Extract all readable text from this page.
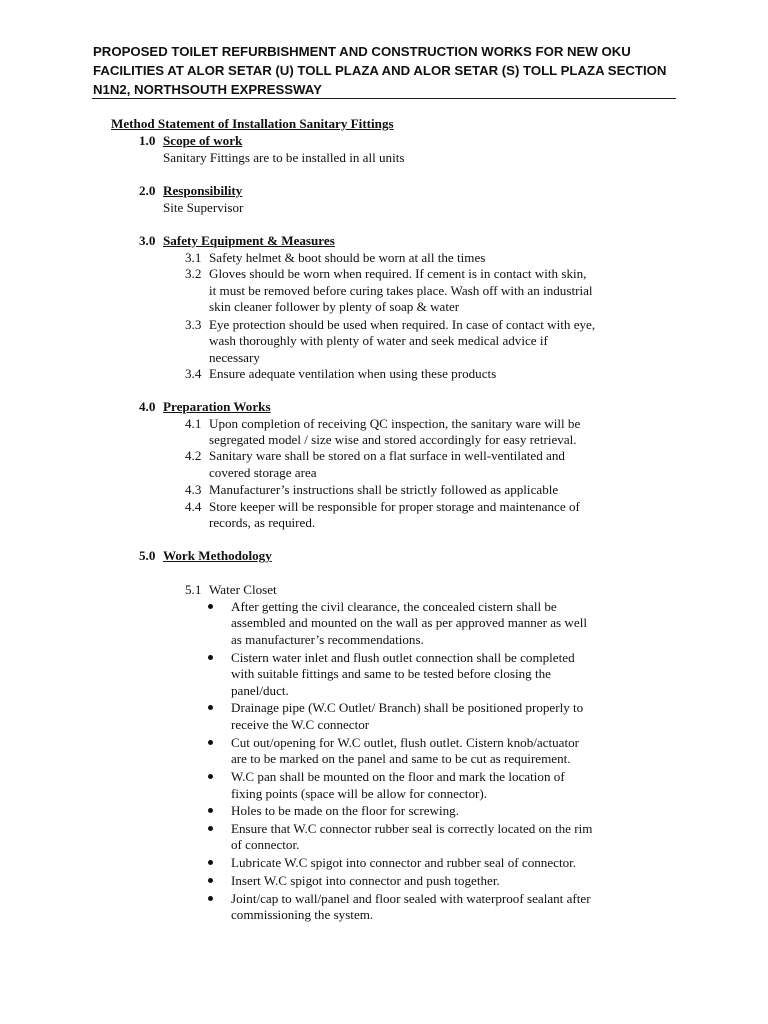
PROPOSED TOILET REFURBISHMENT AND CONSTRUCTION WORKS FOR NEW OKU
FACILITIES AT ALOR SETAR (U) TOLL PLAZA AND ALOR SETAR (S) TOLL PLAZA SECTION
N1N2, NORTHSOUTH EXPRESSWAY
Method Statement of Installation Sanitary Fittings
1.0 Scope of work
Sanitary Fittings are to be installed in all units
2.0 Responsibility
Site Supervisor
3.0 Safety Equipment & Measures
3.1 Safety helmet & boot should be worn at all the times
3.2 Gloves should be worn when required. If cement is in contact with skin,
it must be removed before curing takes place. Wash off with an industrial
skin cleaner follower by plenty of soap & water
3.3 Eye protection should be used when required. In case of contact with eye,
wash thoroughly with plenty of water and seek medical advice if
necessary
3.4 Ensure adequate ventilation when using these products
4.0 Preparation Works
4.1 Upon completion of receiving QC inspection, the sanitary ware will be
segregated model / size wise and stored accordingly for easy retrieval.
4.2 Sanitary ware shall be stored on a flat surface in well-ventilated and
covered storage area
4.3 Manufacturer’s instructions shall be strictly followed as applicable
4.4 Store keeper will be responsible for proper storage and maintenance of
records, as required.
5.0 Work Methodology
5.1 Water Closet
After getting the civil clearance, the concealed cistern shall be
assembled and mounted on the wall as per approved manner as well
as manufacturer’s recommendations.
Cistern water inlet and flush outlet connection shall be completed
with suitable fittings and same to be tested before closing the
panel/duct.
Drainage pipe (W.C Outlet/ Branch) shall be positioned properly to
receive the W.C connector
Cut out/opening for W.C outlet, flush outlet. Cistern knob/actuator
are to be marked on the panel and same to be cut as requirement.
W.C pan shall be mounted on the floor and mark the location of
fixing points (space will be allow for connector).
Holes to be made on the floor for screwing.
Ensure that W.C connector rubber seal is correctly located on the rim
of connector.
Lubricate W.C spigot into connector and rubber seal of connector.
Insert W.C spigot into connector and push together.
Joint/cap to wall/panel and floor sealed with waterproof sealant after
commissioning the system.
